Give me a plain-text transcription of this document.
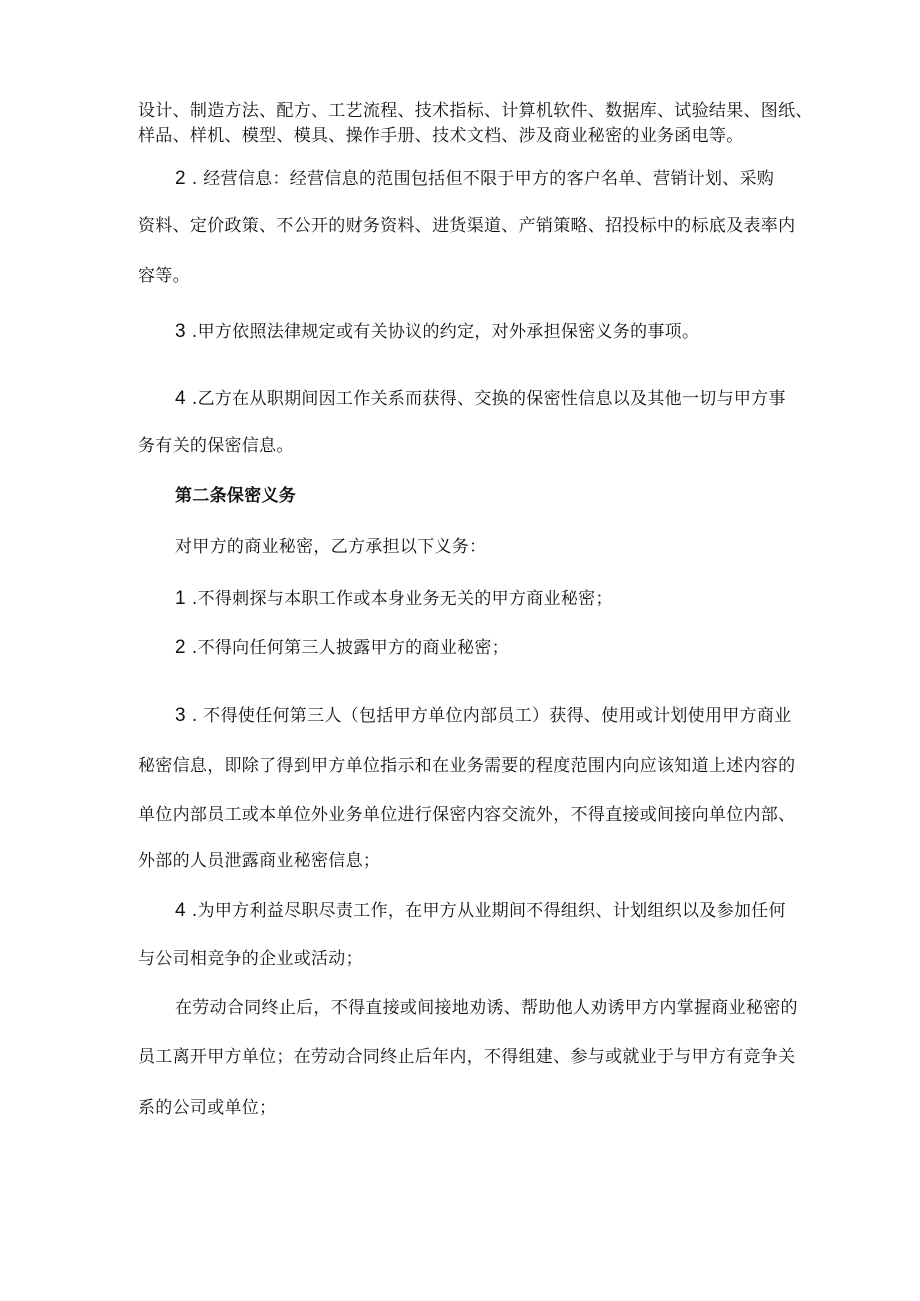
设计、制造方法、配方、工艺流程、技术指标、计算机软件、数据库、试验结果、图纸、
样品、样机、模型、模具、操作手册、技术文档、涉及商业秘密的业务函电等。
2 . 经营信息：经营信息的范围包括但不限于甲方的客户名单、营销计划、采购
资料、定价政策、不公开的财务资料、进货渠道、产销策略、招投标中的标底及表率内
容等。
3 .甲方依照法律规定或有关协议的约定，对外承担保密义务的事项。
4 .乙方在从职期间因工作关系而获得、交换的保密性信息以及其他一切与甲方事
务有关的保密信息。
第二条保密义务
对甲方的商业秘密，乙方承担以下义务：
1 .不得刺探与本职工作或本身业务无关的甲方商业秘密；
2 .不得向任何第三人披露甲方的商业秘密；
3 . 不得使任何第三人（包括甲方单位内部员工）获得、使用或计划使用甲方商业
秘密信息，即除了得到甲方单位指示和在业务需要的程度范围内向应该知道上述内容的
单位内部员工或本单位外业务单位进行保密内容交流外，不得直接或间接向单位内部、
外部的人员泄露商业秘密信息；
4 .为甲方利益尽职尽责工作，在甲方从业期间不得组织、计划组织以及参加任何
与公司相竞争的企业或活动；
在劳动合同终止后，不得直接或间接地劝诱、帮助他人劝诱甲方内掌握商业秘密的
员工离开甲方单位；在劳动合同终止后年内，不得组建、参与或就业于与甲方有竞争关
系的公司或单位；
